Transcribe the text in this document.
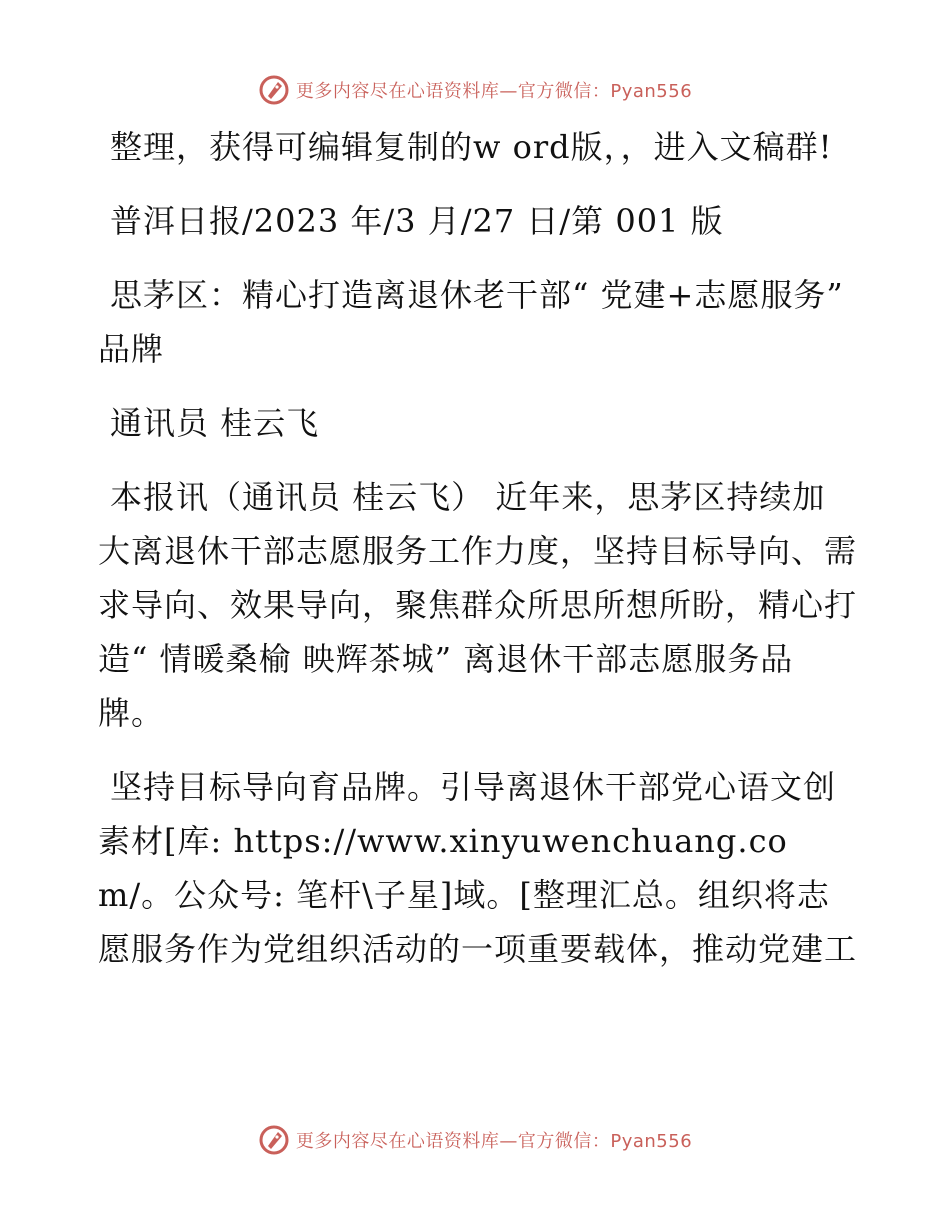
更多内容尽在心语资料库—官方微信：Pyan556

整理，获得可编辑复制的w ord版，，进入文稿群!

普洱日报/2023 年/3 月/27 日/第 001 版

思茅区：精心打造离退休老干部“ 党建+志愿服务” 品牌

通讯员 桂云飞

本报讯（通讯员 桂云飞） 近年来，思茅区持续加大离退休干部志愿服务工作力度，坚持目标导向、需求导向、效果导向，聚焦群众所思所想所盼，精心打造“ 情暖桑榆 映辉茶城” 离退休干部志愿服务品牌。

坚持目标导向育品牌。引导离退休干部党心语文创素材[库: https://www.xinyuwenchuang.com/。公众号: 笔杆\子星]域。[整理汇总。组织将志愿服务作为党组织活动的一项重要载体，推动党建工

更多内容尽在心语资料库—官方微信：Pyan556
